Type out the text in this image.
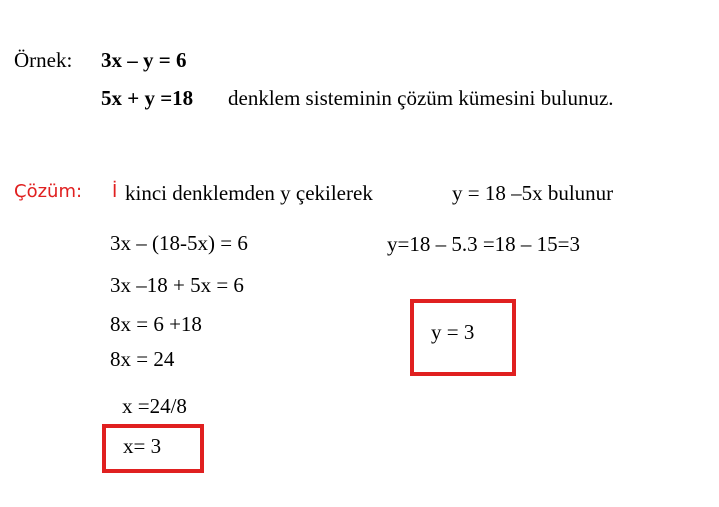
Örnek: 3x – y = 6
5x + y =18 denklem sisteminin çözüm kümesini bulunuz.
Çözüm: İ kinci denklemden y çekilerek	y = 18 –5x bulunur
3x – (18-5x) = 6
3x –18 + 5x = 6
8x = 6 +18
8x = 24
x =24/8
y=18 – 5.3 =18 – 15=3
y = 3
x= 3
